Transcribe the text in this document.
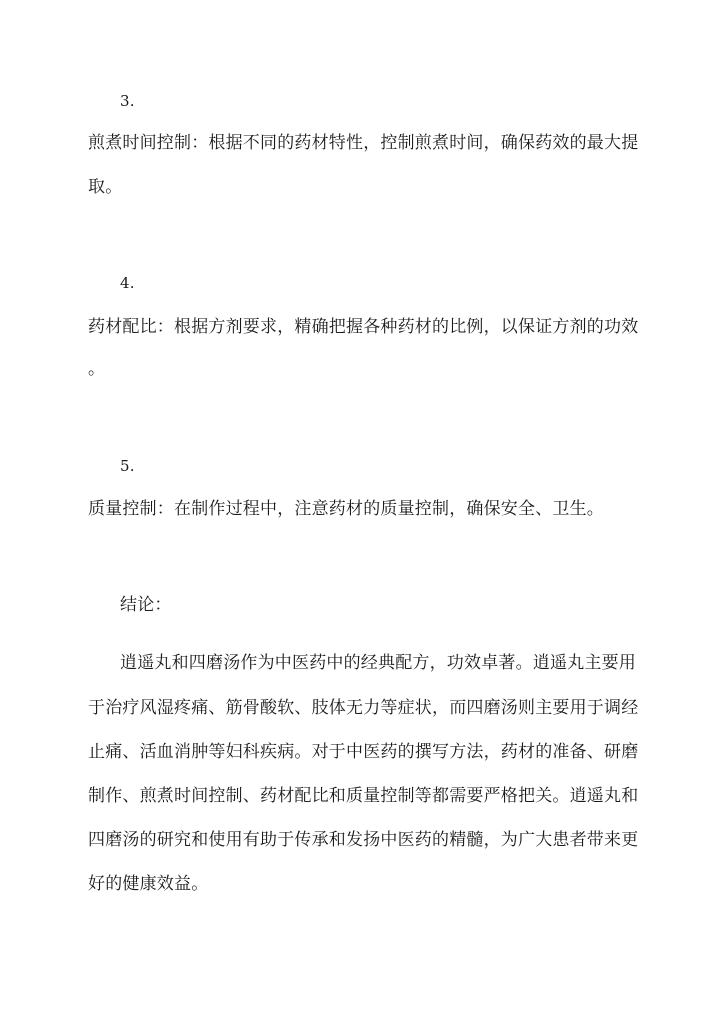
3.
煎煮时间控制：根据不同的药材特性，控制煎煮时间，确保药效的最大提
取。
4.
药材配比：根据方剂要求，精确把握各种药材的比例，以保证方剂的功效
。
5.
质量控制：在制作过程中，注意药材的质量控制，确保安全、卫生。
结论：
逍遥丸和四磨汤作为中医药中的经典配方，功效卓著。逍遥丸主要用
于治疗风湿疼痛、筋骨酸软、肢体无力等症状，而四磨汤则主要用于调经
止痛、活血消肿等妇科疾病。对于中医药的撰写方法，药材的准备、研磨
制作、煎煮时间控制、药材配比和质量控制等都需要严格把关。逍遥丸和
四磨汤的研究和使用有助于传承和发扬中医药的精髓，为广大患者带来更
好的健康效益。
